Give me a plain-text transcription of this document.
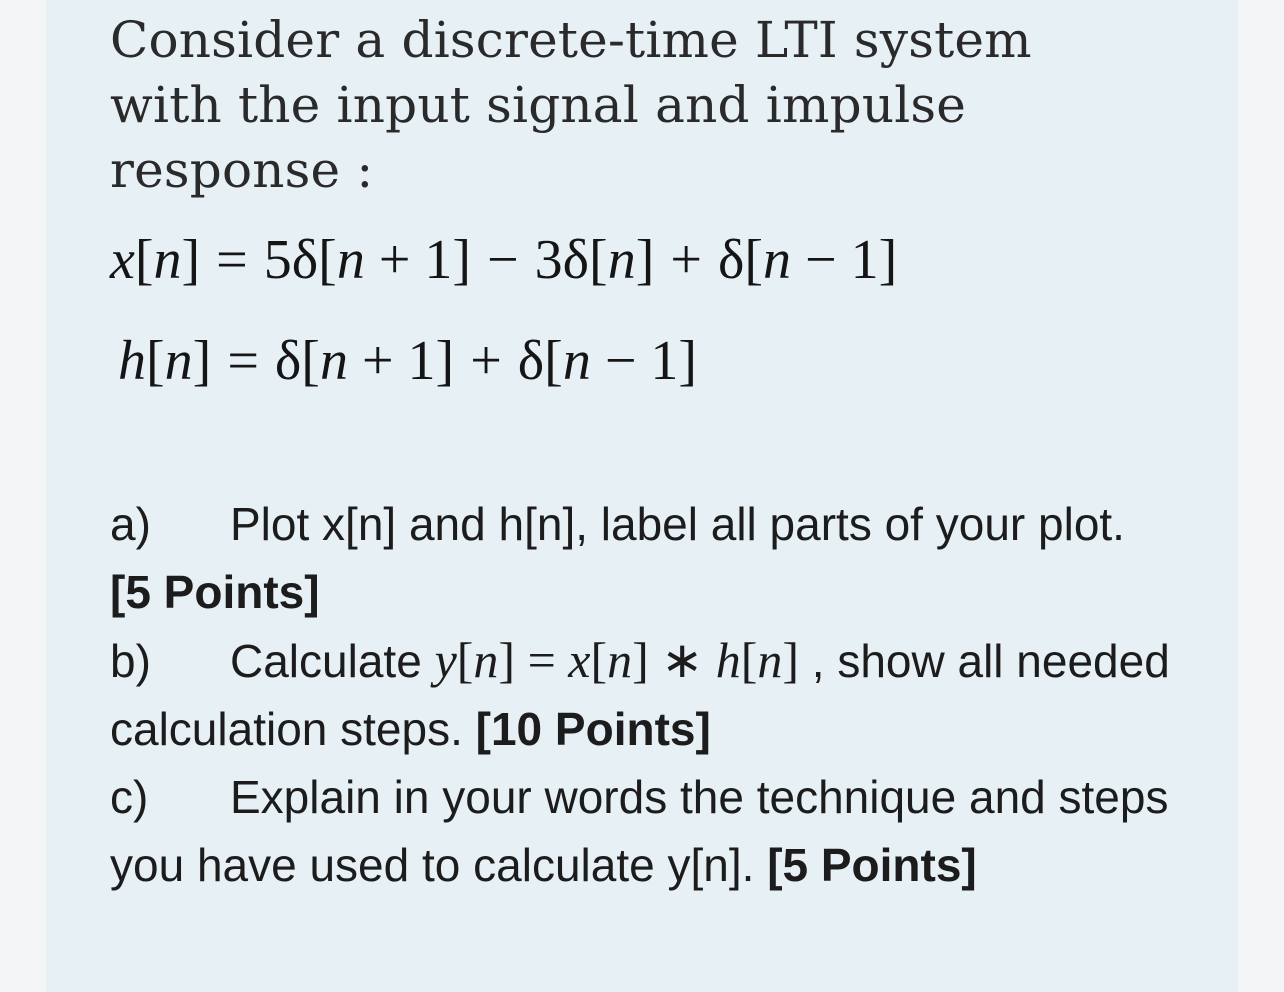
Consider a discrete-time LTI system with the input signal and impulse response :
x[n] = 5δ[n + 1] − 3δ[n] + δ[n − 1]
h[n] = δ[n + 1] + δ[n − 1]
a) Plot x[n] and h[n], label all parts of your plot. [5 Points]
b) Calculate y[n] = x[n] ∗ h[n] , show all needed calculation steps. [10 Points]
c) Explain in your words the technique and steps you have used to calculate y[n]. [5 Points]
